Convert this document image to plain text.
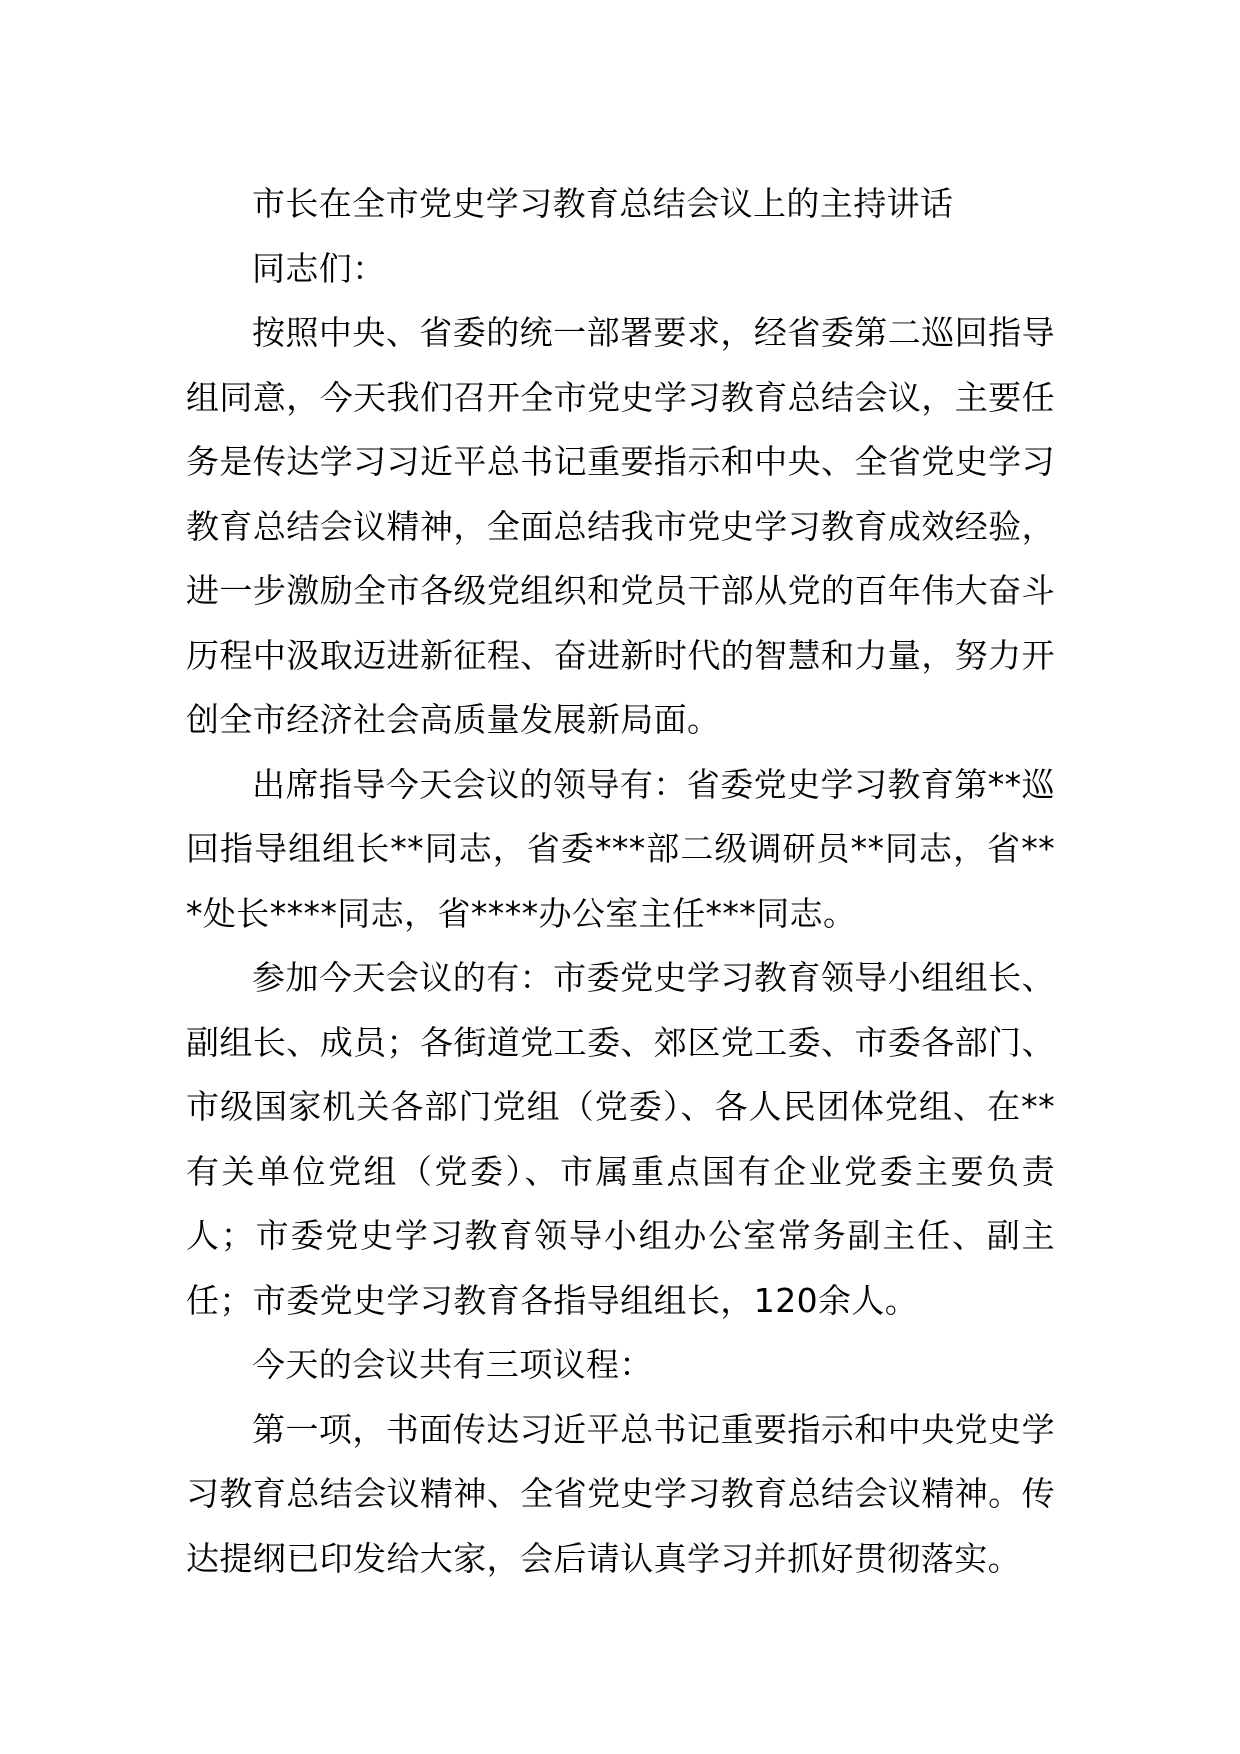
市长在全市党史学习教育总结会议上的主持讲话

同志们：

按照中央、省委的统一部署要求，经省委第二巡回指导组同意，今天我们召开全市党史学习教育总结会议，主要任务是传达学习习近平总书记重要指示和中央、全省党史学习教育总结会议精神，全面总结我市党史学习教育成效经验，进一步激励全市各级党组织和党员干部从党的百年伟大奋斗历程中汲取迈进新征程、奋进新时代的智慧和力量，努力开创全市经济社会高质量发展新局面。

出席指导今天会议的领导有：省委党史学习教育第**巡回指导组组长**同志，省委***部二级调研员**同志，省***处长****同志，省****办公室主任***同志。

参加今天会议的有：市委党史学习教育领导小组组长、副组长、成员；各街道党工委、郊区党工委、市委各部门、市级国家机关各部门党组（党委）、各人民团体党组、在**有关单位党组（党委）、市属重点国有企业党委主要负责人；市委党史学习教育领导小组办公室常务副主任、副主任；市委党史学习教育各指导组组长，120余人。

今天的会议共有三项议程：

第一项，书面传达习近平总书记重要指示和中央党史学习教育总结会议精神、全省党史学习教育总结会议精神。传达提纲已印发给大家，会后请认真学习并抓好贯彻落实。
